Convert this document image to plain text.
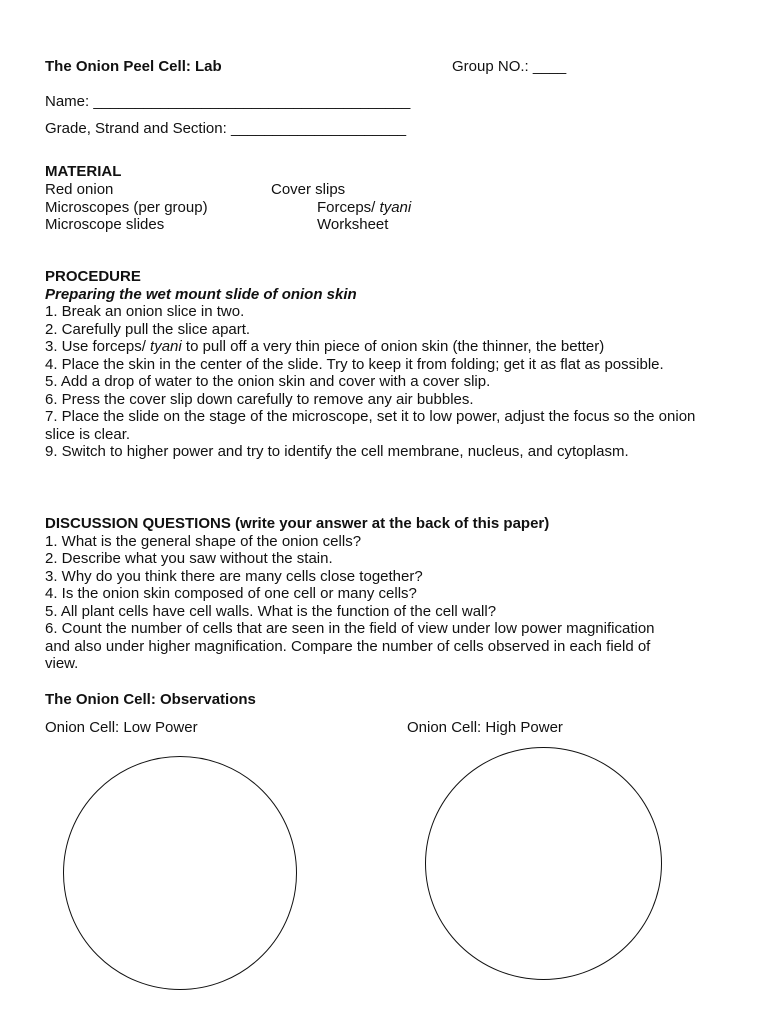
The Onion Peel Cell: Lab	Group NO.: ____
Name: ______________________________________
Grade, Strand and Section: _____________________
MATERIAL
Red onion	Cover slips
Microscopes (per group)	Forceps/ tyani
Microscope slides	Worksheet

PROCEDURE

Preparing the wet mount slide of onion skin

1. Break an onion slice in two.

2. Carefully pull the slice apart.

3. Use forceps/ tyani to pull off a very thin piece of onion skin (the thinner, the better)

4. Place the skin in the center of the slide. Try to keep it from folding; get it as flat as possible.

5. Add a drop of water to the onion skin and cover with a cover slip.

6. Press the cover slip down carefully to remove any air bubbles.

7. Place the slide on the stage of the microscope, set it to low power, adjust the focus so the onion slice is clear.

9. Switch to higher power and try to identify the cell membrane, nucleus, and cytoplasm.

DISCUSSION QUESTIONS (write your answer at the back of this paper)

1. What is the general shape of the onion cells?

2. Describe what you saw without the stain.

3. Why do you think there are many cells close together?

4. Is the onion skin composed of one cell or many cells?

5. All plant cells have cell walls. What is the function of the cell wall?

6. Count the number of cells that are seen in the field of view under low power magnification and also under higher magnification. Compare the number of cells observed in each field of view.

The Onion Cell: Observations
Onion Cell: Low Power	Onion Cell: High Power
